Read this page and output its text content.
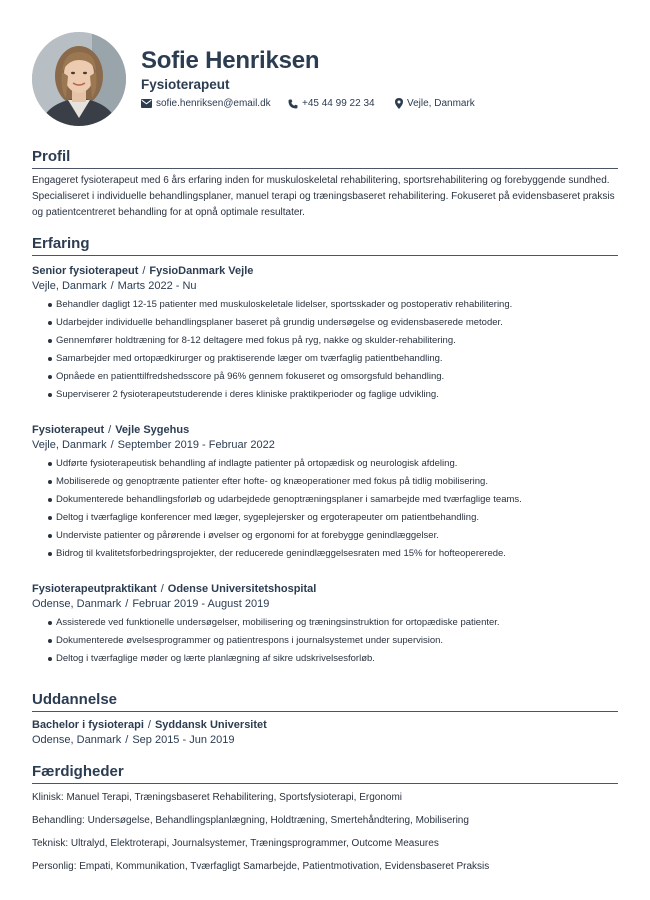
Sofie Henriksen
Fysioterapeut
sofie.henriksen@email.dk	+45 44 99 22 34	Vejle, Danmark
Profil
Engageret fysioterapeut med 6 års erfaring inden for muskuloskeletal rehabilitering, sportsrehabilitering og forebyggende sundhed. Specialiseret i individuelle behandlingsplaner, manuel terapi og træningsbaseret rehabilitering. Fokuseret på evidensbaseret praksis og patientcentreret behandling for at opnå optimale resultater.
Erfaring
Senior fysioterapeut / FysioDanmark Vejle
Vejle, Danmark / Marts 2022 - Nu
Behandler dagligt 12-15 patienter med muskuloskeletale lidelser, sportsskader og postoperativ rehabilitering.
Udarbejder individuelle behandlingsplaner baseret på grundig undersøgelse og evidensbaserede metoder.
Gennemfører holdtræning for 8-12 deltagere med fokus på ryg, nakke og skulder-rehabilitering.
Samarbejder med ortopædkirurger og praktiserende læger om tværfaglig patientbehandling.
Opnåede en patienttilfredshedsscore på 96% gennem fokuseret og omsorgsfuld behandling.
Superviserer 2 fysioterapeutstuderende i deres kliniske praktikperioder og faglige udvikling.
Fysioterapeut / Vejle Sygehus
Vejle, Danmark / September 2019 - Februar 2022
Udførte fysioterapeutisk behandling af indlagte patienter på ortopædisk og neurologisk afdeling.
Mobiliserede og genoptrænte patienter efter hofte- og knæoperationer med fokus på tidlig mobilisering.
Dokumenterede behandlingsforløb og udarbejdede genoptræningsplaner i samarbejde med tværfaglige teams.
Deltog i tværfaglige konferencer med læger, sygeplejersker og ergoterapeuter om patientbehandling.
Underviste patienter og pårørende i øvelser og ergonomi for at forebygge genindlæggelser.
Bidrog til kvalitetsforbedringsprojekter, der reducerede genindlæggelsesraten med 15% for hofteopererede.
Fysioterapeutpraktikant / Odense Universitetshospital
Odense, Danmark / Februar 2019 - August 2019
Assisterede ved funktionelle undersøgelser, mobilisering og træningsinstruktion for ortopædiske patienter.
Dokumenterede øvelsesprogrammer og patientrespons i journalsystemet under supervision.
Deltog i tværfaglige møder og lærte planlægning af sikre udskrivelsesforløb.
Uddannelse
Bachelor i fysioterapi / Syddansk Universitet
Odense, Danmark / Sep 2015 - Jun 2019
Færdigheder
Klinisk: Manuel Terapi, Træningsbaseret Rehabilitering, Sportsfysioterapi, Ergonomi
Behandling: Undersøgelse, Behandlingsplanlægning, Holdtræning, Smertehåndtering, Mobilisering
Teknisk: Ultralyd, Elektroterapi, Journalsystemer, Træningsprogrammer, Outcome Measures
Personlig: Empati, Kommunikation, Tværfagligt Samarbejde, Patientmotivation, Evidensbaseret Praksis
